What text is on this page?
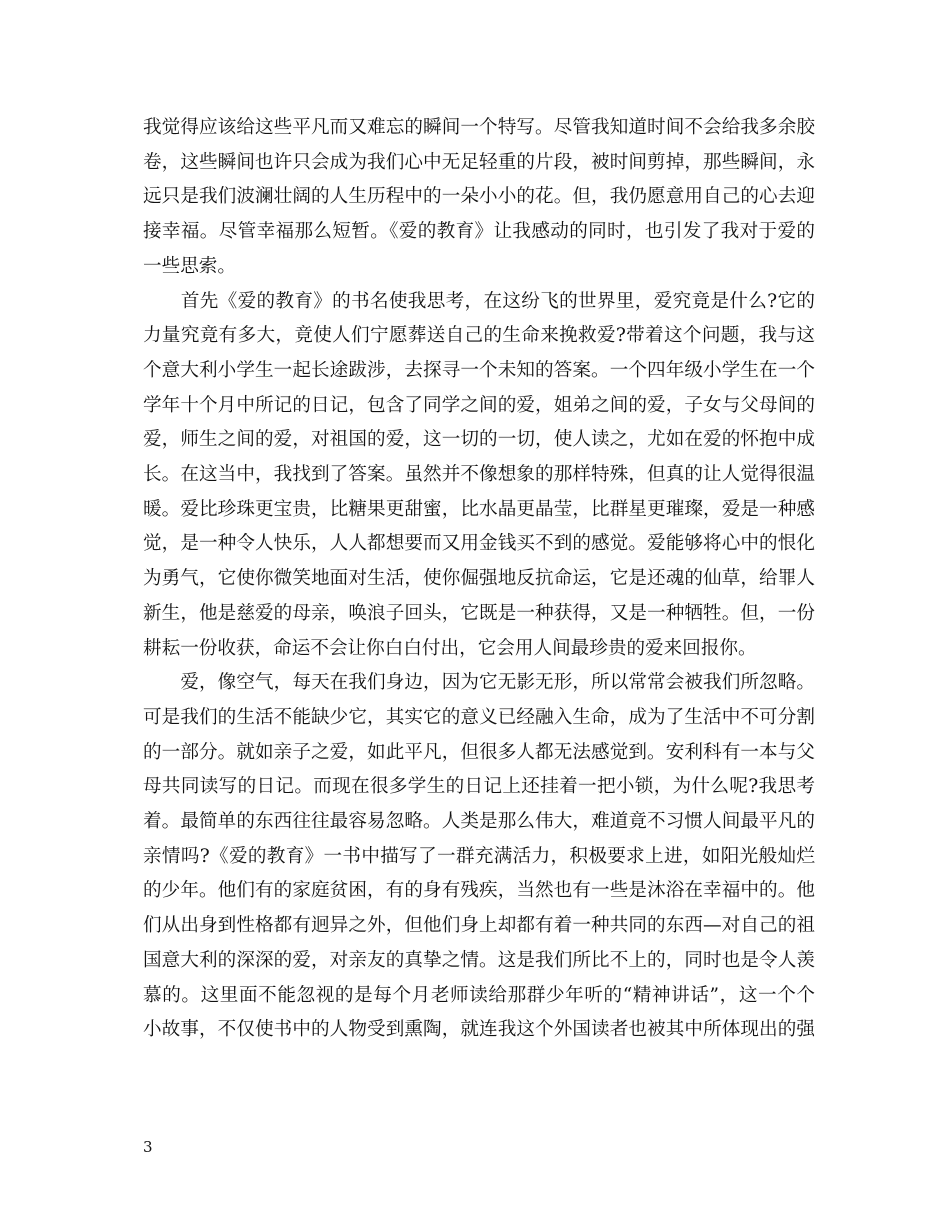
我觉得应该给这些平凡而又难忘的瞬间一个特写。尽管我知道时间不会给我多余胶
卷，这些瞬间也许只会成为我们心中无足轻重的片段，被时间剪掉，那些瞬间，永
远只是我们波澜壮阔的人生历程中的一朵小小的花。但，我仍愿意用自己的心去迎
接幸福。尽管幸福那么短暂。《爱的教育》让我感动的同时，也引发了我对于爱的
一些思索。
　　首先《爱的教育》的书名使我思考，在这纷飞的世界里，爱究竟是什么?它的
力量究竟有多大，竟使人们宁愿葬送自己的生命来挽救爱?带着这个问题，我与这
个意大利小学生一起长途跋涉，去探寻一个未知的答案。一个四年级小学生在一个
学年十个月中所记的日记，包含了同学之间的爱，姐弟之间的爱，子女与父母间的
爱，师生之间的爱，对祖国的爱，这一切的一切，使人读之，尤如在爱的怀抱中成
长。在这当中，我找到了答案。虽然并不像想象的那样特殊，但真的让人觉得很温
暖。爱比珍珠更宝贵，比糖果更甜蜜，比水晶更晶莹，比群星更璀璨，爱是一种感
觉，是一种令人快乐，人人都想要而又用金钱买不到的感觉。爱能够将心中的恨化
为勇气，它使你微笑地面对生活，使你倔强地反抗命运，它是还魂的仙草，给罪人
新生，他是慈爱的母亲，唤浪子回头，它既是一种获得，又是一种牺牲。但，一份
耕耘一份收获，命运不会让你白白付出，它会用人间最珍贵的爱来回报你。
　　爱，像空气，每天在我们身边，因为它无影无形，所以常常会被我们所忽略。
可是我们的生活不能缺少它，其实它的意义已经融入生命，成为了生活中不可分割
的一部分。就如亲子之爱，如此平凡，但很多人都无法感觉到。安利科有一本与父
母共同读写的日记。而现在很多学生的日记上还挂着一把小锁，为什么呢?我思考
着。最简单的东西往往最容易忽略。人类是那么伟大，难道竟不习惯人间最平凡的
亲情吗?《爱的教育》一书中描写了一群充满活力，积极要求上进，如阳光般灿烂
的少年。他们有的家庭贫困，有的身有残疾，当然也有一些是沐浴在幸福中的。他
们从出身到性格都有迥异之外，但他们身上却都有着一种共同的东西—对自己的祖
国意大利的深深的爱，对亲友的真挚之情。这是我们所比不上的，同时也是令人羡
慕的。这里面不能忽视的是每个月老师读给那群少年听的“精神讲话”，这一个个
小故事，不仅使书中的人物受到熏陶，就连我这个外国读者也被其中所体现出的强
3
